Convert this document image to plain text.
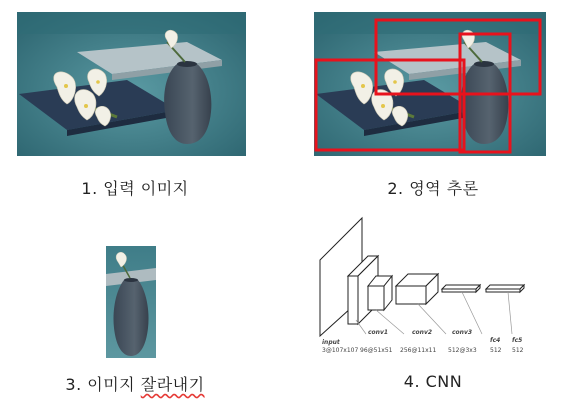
1. 입력 이미지	2. 영역 추론
3. 이미지 잘라내기
input
3@107x107
conv1
96@51x51
conv2
256@11x11
conv3
512@3x3
fc4
512
fc5
512
4. CNN
